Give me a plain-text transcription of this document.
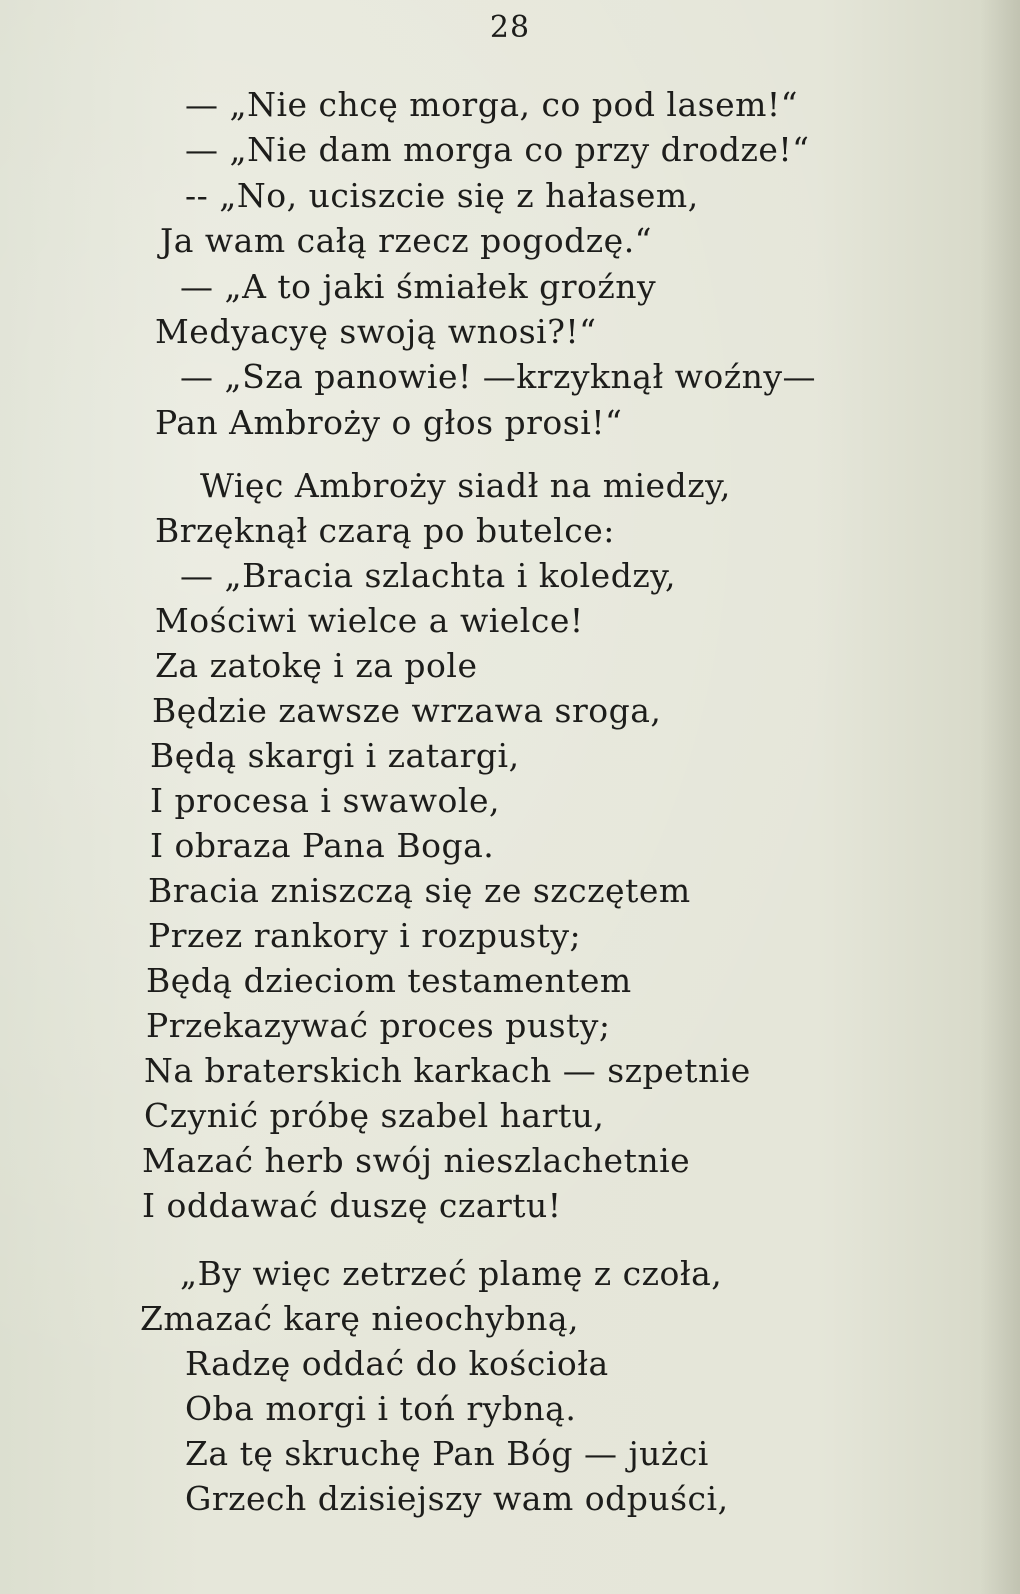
28
— „Nie chcę morga, co pod lasem!“
— „Nie dam morga co przy drodze!“
-- „No, uciszcie się z hałasem,
Ja wam całą rzecz pogodzę.“
— „A to jaki śmiałek groźny
Medyacyę swoją wnosi?!“
— „Sza panowie! —krzyknął woźny—
Pan Ambroży o głos prosi!“
Więc Ambroży siadł na miedzy,
Brzęknął czarą po butelce:
— „Bracia szlachta i koledzy,
Mościwi wielce a wielce!
Za zatokę i za pole
Będzie zawsze wrzawa sroga,
Będą skargi i zatargi,
I procesa i swawole,
I obraza Pana Boga.
Bracia zniszczą się ze szczętem
Przez rankory i rozpusty;
Będą dzieciom testamentem
Przekazywać proces pusty;
Na braterskich karkach — szpetnie
Czynić próbę szabel hartu,
Mazać herb swój nieszlachetnie
I oddawać duszę czartu!
„By więc zetrzeć plamę z czoła,
Zmazać karę nieochybną,
Radzę oddać do kościoła
Oba morgi i toń rybną.
Za tę skruchę Pan Bóg — jużci
Grzech dzisiejszy wam odpuści,
